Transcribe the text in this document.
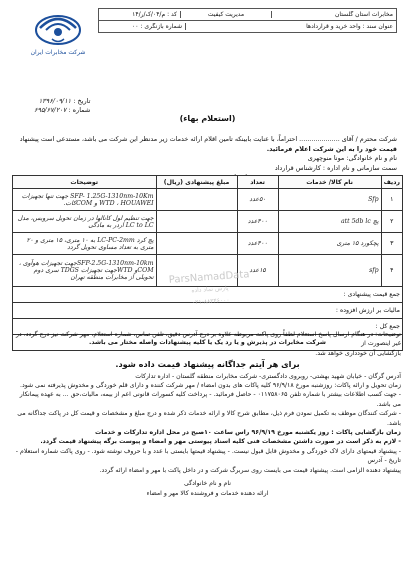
مخابرات استان گلستان
مدیریت کیفیت
کد : م/۰۴/ک/ر/۱۴
عنوان سند : واحد خرید و قراردادها
شماره بازنگری : ۰۰
شرکت مخابرات ایران
تاریخ : ۱۳۹۶/۰۹/۱۱
شماره : ۶۹۵/۶۷/۲۰۷
(استعلام بهاء)

شرکت محترم / آقای .................... احتراماً، با عنایت بابینکه تامین اقلام ارائه خدمات زیر مدنظر این شرکت می باشد، مستدعی است پیشنهاد

قیمت خود را به این شرکت اعلام فرمائید.

نام و نام خانوادگی: مونا منوچهری

سمت سازمانی و نام اداره : کارشناس قرارداد

ردیف	نام کالا/ خدمات	تعداد	مبلغ پیشنهادی (ریال)	توضیحات
۱	Sfp	۵۰عدد		SFP- 1.25G-1310nm-10Km جهت تنها تجهیزات WTD ، HOUAWEI و COMکات.
۲	پچ att 5db lc	۴۰۰عدد		جهت تنظیم لول کانالها در زمان تحویل سرویس، مدل LC to LC اردر به مادگی
۳	پچکورد ۱۵ متری	۴۰۰عدد		پچ کرد LC-PC-2mm به ۱۰ متری، ۱۵ متری و ۲۰ متری به تعداد مساوی تحویل گردد
۴	sfp	۱۵عدد		SFP-2.5G-1310nm-10kmجهت تجهیزات هوآوی ، COMو WTDجهت تجهیزات TDGS سری دوم تحویلی از مخابرات منطقه تهران
جمع قیمت پیشنهادی :				
مالیات بر ارزش افزوده :				
جمع کل :				
شرکت مخابرات در پذیرش و یا رد یک یا کلیه پیشنهادات واصله مختار می باشد.				
ParsNamadData
پارس نماد داده
۰۲۱-۸۸۳۴۶۰۰۰

توضیحات: در هنگام ارسال پاسخ استعلام لطفاً روی پاکت مربوطه علاوه بر درج آدرس دقیق، تلفن تماس، شماره استعلام، مهر شرکت نیز درج گردد. در غیر اینصورت از

بازگشایی آن خودداری خواهد شد.

برای هر آیتم جداگانه پیشنهاد قیمت داده شود.

آدرس گرگان - خیابان شهید بهشتی- روبروی دادگستری- شرکت مخابرات منطقه گلستان - اداره تدارکات

زمان تحویل و ارائه پاکات: روزشنبه مورخ ۹۶/۹/۱۸ کلیه پاکات های بدون امضاء / مهر شرکت کننده و دارای قلم خوردگی و مخدوش پذیرفته نمی شود.

- جهت کسب اطلاعات بیشتر با شماره تلفن ۰۱۱۷۵۸۰۶۵ - حاصل فرمائید. - پرداخت کلیه کسورات قانونی اعم از بیمه، مالیات،حق ... به عهده پیمانکار می باشد.

- شرکت کنندگان موظف به تکمیل نمودن فرم ذیل، مطابق شرح کالا و ارائه خدمات ذکر شده و درج مبلغ و مشخصات و قیمت کل در پاکت جداگانه می باشد.

زمان بازگشایی پاکات : روز یکشنبه مورخ ۹۶/۹/۱۹ راس ساعت ۱۰صبح در محل اداره تدارکات و خدمات

- لازم به ذکر است در صورت داشتن مشخصات فنی کلیه اسناد پیوستی مهر و امضاء و پیوست برگه پیشنهاد قیمت گردد.

- پیشنهاد قیمتهای دارای لاک خوردگی و مخدوش قابل قبول نیست. - پیشنهاد قیمتها بایستی با عدد و با حروف نوشته شود. - روی پاکت شماره استعلام - تاریخ - آدرس

پیشنهاد دهنده الزامی است. پیشنهاد قیمت می بایست روی سربرگ شرکت و در داخل پاکت با مهر و امضاء ارائه گردد.

نام و نام خانوادگی

ارائه دهنده خدمات و فروشنده کالا مهر و امضاء
